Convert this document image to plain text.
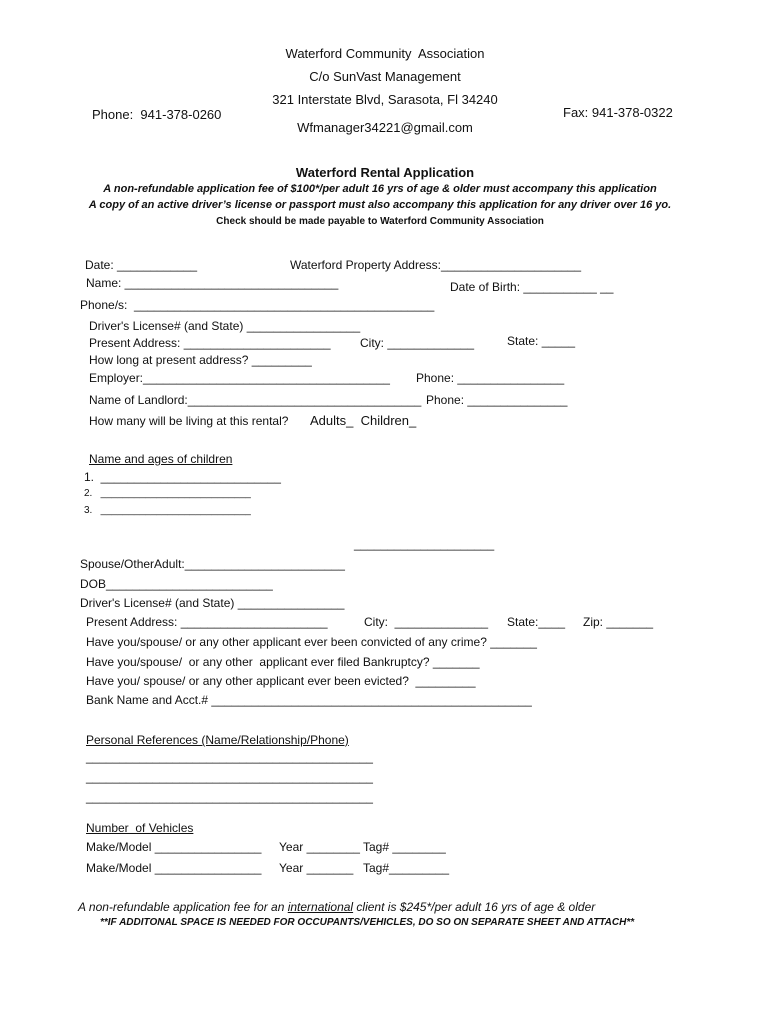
Waterford Community  Association
C/o SunVast Management
321 Interstate Blvd, Sarasota, Fl 34240
Phone:  941-378-0260	Fax: 941-378-0322
Wfmanager34221@gmail.com
Waterford Rental Application
A non-refundable application fee of $100*/per adult 16 yrs of age & older must accompany this application
A copy of an active driver’s license or passport must also accompany this application for any driver over 16 yo.
Check should be made payable to Waterford Community Association
Date: ____________	Waterford Property Address:_____________________
Name: ________________________________	Date of Birth: ___________ __
Phone/s:  _____________________________________________
Driver's License# (and State) _________________
Present Address: ______________________ City: _____________	State: _____
How long at present address? _________
Employer:_____________________________________ Phone: ________________
Name of Landlord:___________________________________ Phone: _______________
How many will be living at this rental? Adults_  Children_
Name and ages of children
1.  ___________________________
2.   ___________________________
3.   ___________________________
_____________________
Spouse/OtherAdult:________________________
DOB_________________________
Driver's License# (and State) ________________
Present Address: ______________________	City:  ______________ State:____ Zip: _______
Have you/spouse/ or any other applicant ever been convicted of any crime? _______
Have you/spouse/  or any other  applicant ever filed Bankruptcy? _______
Have you/ spouse/ or any other applicant ever been evicted?  _________
Bank Name and Acct.# ________________________________________________
Personal References (Name/Relationship/Phone)
___________________________________________
___________________________________________
___________________________________________
Number  of Vehicles
Make/Model ________________ Year ________ Tag# ________
Make/Model ________________ Year _______ Tag#_________
A non-refundable application fee for an international client is $245*/per adult 16 yrs of age & older
**IF ADDITONAL SPACE IS NEEDED FOR OCCUPANTS/VEHICLES, DO SO ON SEPARATE SHEET AND ATTACH**
